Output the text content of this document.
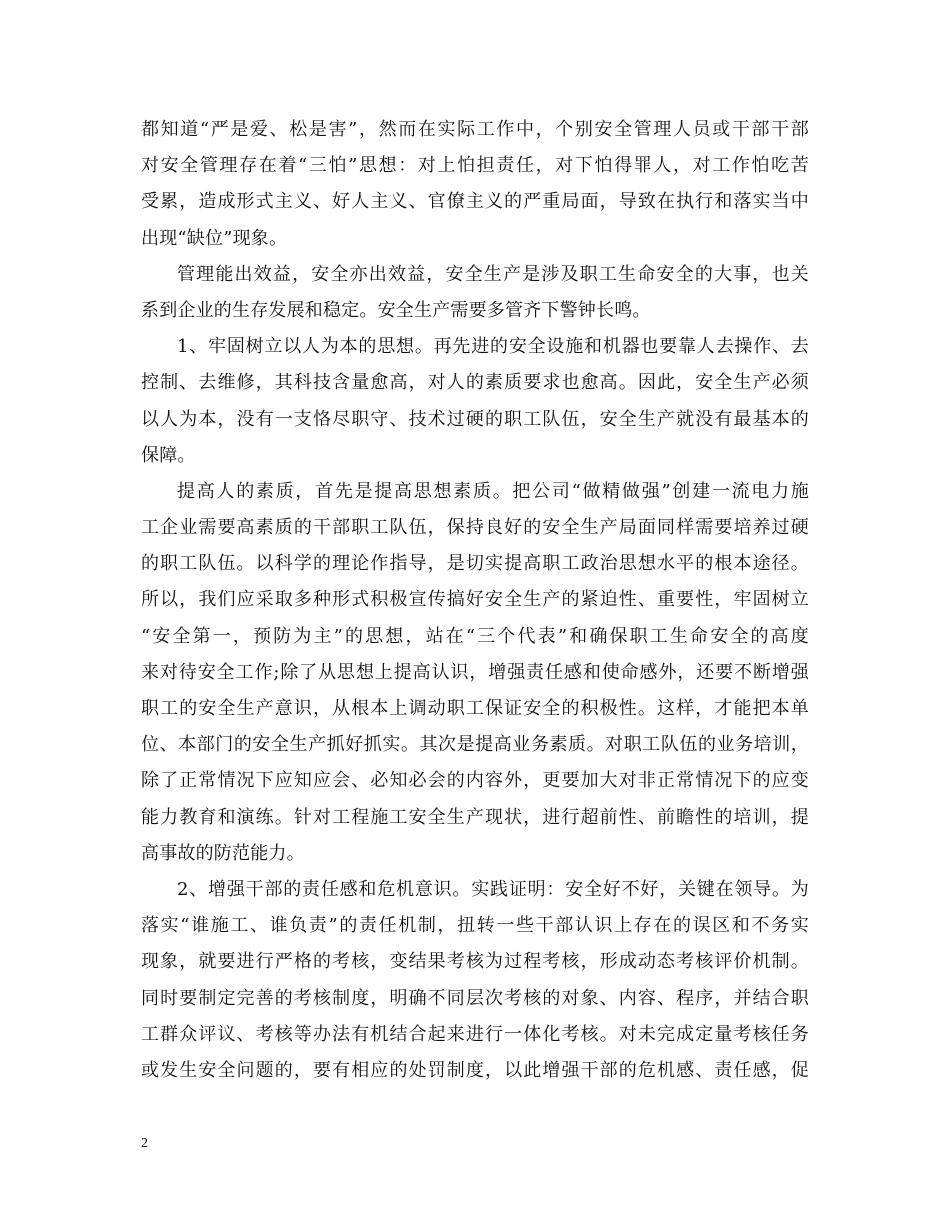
都知道“严是爱、松是害”，然而在实际工作中，个别安全管理人员或干部干部
对安全管理存在着“三怕”思想：对上怕担责任，对下怕得罪人，对工作怕吃苦
受累，造成形式主义、好人主义、官僚主义的严重局面，导致在执行和落实当中
出现“缺位”现象。
管理能出效益，安全亦出效益，安全生产是涉及职工生命安全的大事，也关
系到企业的生存发展和稳定。安全生产需要多管齐下警钟长鸣。
1、牢固树立以人为本的思想。再先进的安全设施和机器也要靠人去操作、去
控制、去维修，其科技含量愈高，对人的素质要求也愈高。因此，安全生产必须
以人为本，没有一支恪尽职守、技术过硬的职工队伍，安全生产就没有最基本的
保障。
提高人的素质，首先是提高思想素质。把公司“做精做强”创建一流电力施
工企业需要高素质的干部职工队伍，保持良好的安全生产局面同样需要培养过硬
的职工队伍。以科学的理论作指导，是切实提高职工政治思想水平的根本途径。
所以，我们应采取多种形式积极宣传搞好安全生产的紧迫性、重要性，牢固树立
“安全第一，预防为主”的思想，站在“三个代表”和确保职工生命安全的高度
来对待安全工作;除了从思想上提高认识，增强责任感和使命感外，还要不断增强
职工的安全生产意识，从根本上调动职工保证安全的积极性。这样，才能把本单
位、本部门的安全生产抓好抓实。其次是提高业务素质。对职工队伍的业务培训，
除了正常情况下应知应会、必知必会的内容外，更要加大对非正常情况下的应变
能力教育和演练。针对工程施工安全生产现状，进行超前性、前瞻性的培训，提
高事故的防范能力。
2、增强干部的责任感和危机意识。实践证明：安全好不好，关键在领导。为
落实“谁施工、谁负责”的责任机制，扭转一些干部认识上存在的误区和不务实
现象，就要进行严格的考核，变结果考核为过程考核，形成动态考核评价机制。
同时要制定完善的考核制度，明确不同层次考核的对象、内容、程序，并结合职
工群众评议、考核等办法有机结合起来进行一体化考核。对未完成定量考核任务
或发生安全问题的，要有相应的处罚制度，以此增强干部的危机感、责任感，促
2
